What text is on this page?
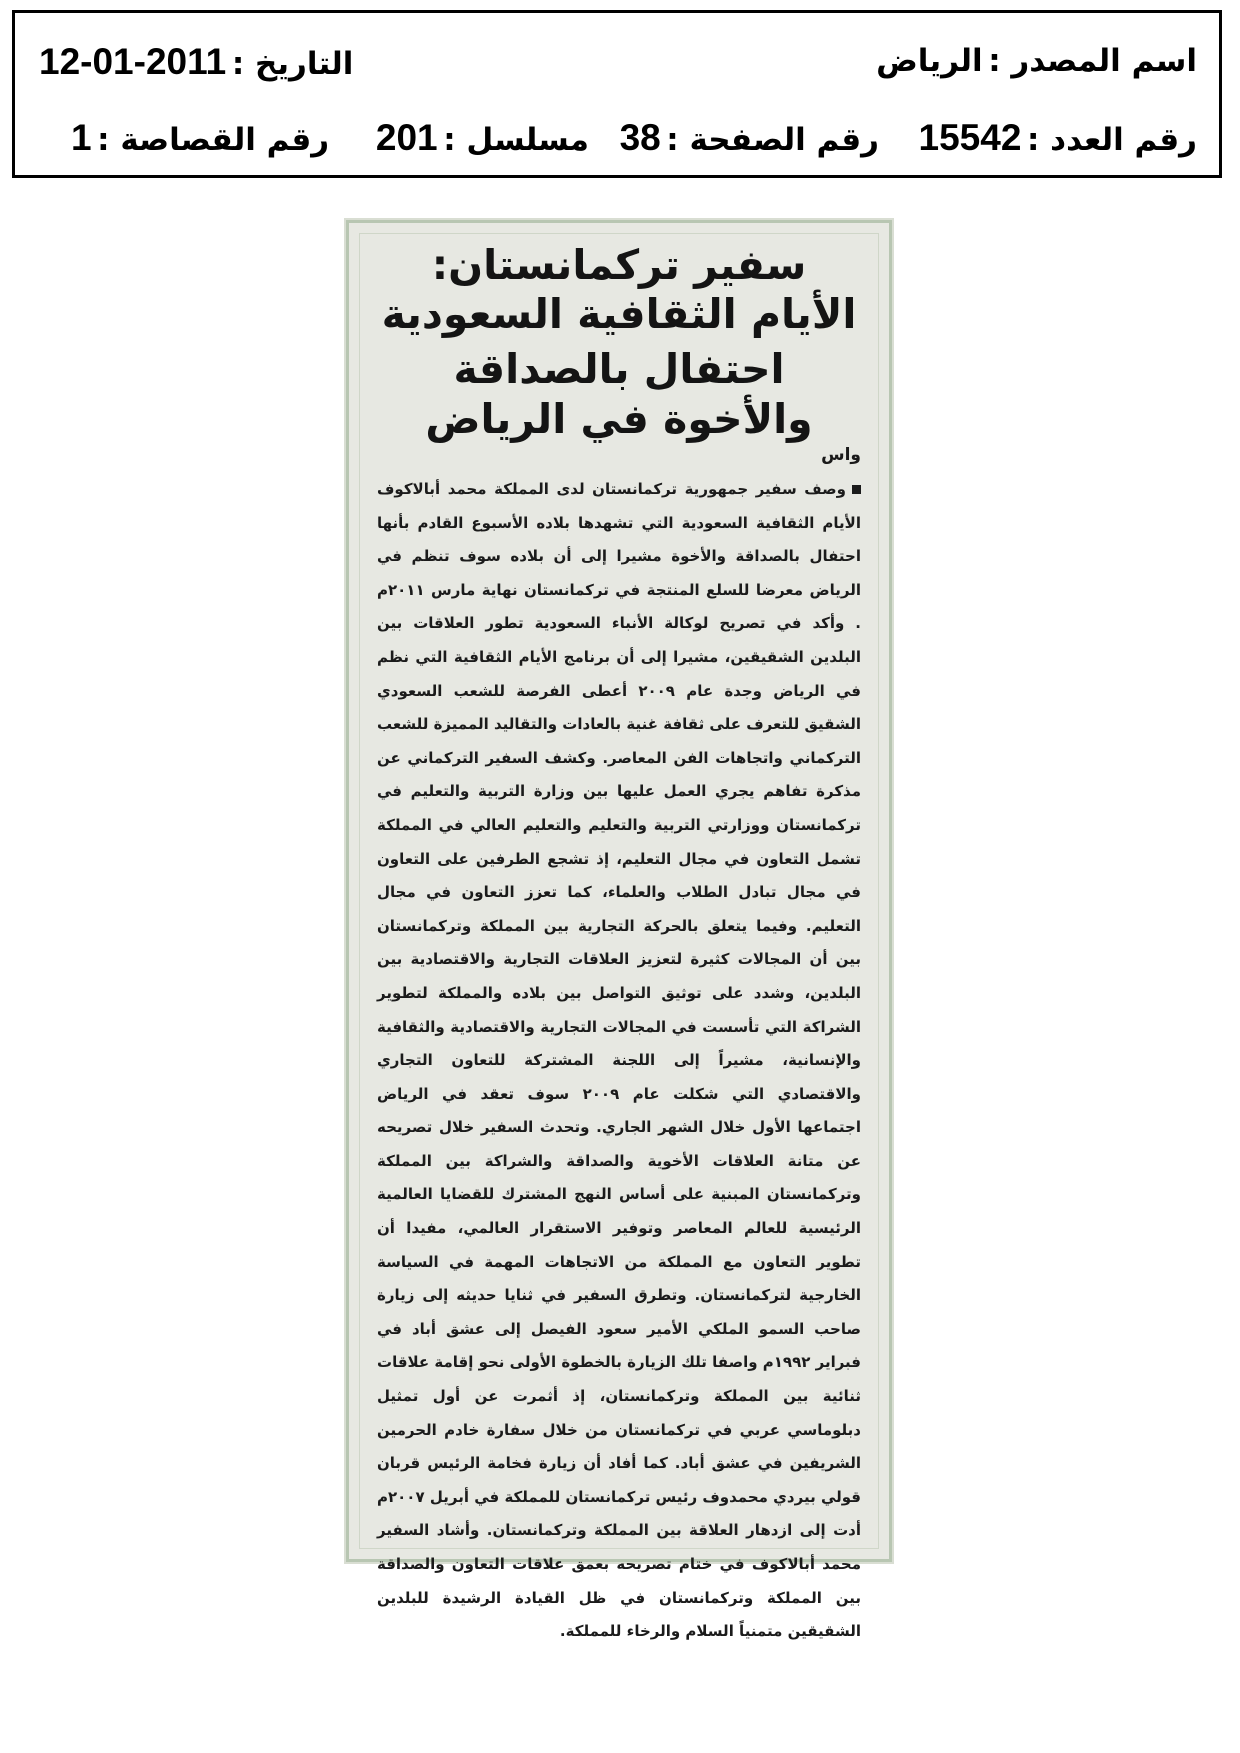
اسم المصدر : الرياض
التاريخ : 2011-01-12
رقم العدد : 15542
رقم الصفحة : 38
مسلسل : 201
رقم القصاصة : 1
سفير تركمانستان: الأيام الثقافية السعودية
احتفال بالصداقة والأخوة في الرياض
واس
وصف سفير جمهورية تركمانستان لدى المملكة محمد أبالاكوف الأيام الثقافية السعودية التي تشهدها بلاده الأسبوع القادم بأنها احتفال بالصداقة والأخوة مشيرا إلى أن بلاده سوف تنظم في الرياض معرضا للسلع المنتجة في تركمانستان نهاية مارس ٢٠١١م . وأكد في تصريح لوكالة الأنباء السعودية تطور العلاقات بين البلدين الشقيقين، مشيرا إلى أن برنامج الأيام الثقافية التي نظم في الرياض وجدة عام ٢٠٠٩ أعطى الفرصة للشعب السعودي الشقيق للتعرف على ثقافة غنية بالعادات والتقاليد المميزة للشعب التركماني واتجاهات الفن المعاصر. وكشف السفير التركماني عن مذكرة تفاهم يجري العمل عليها بين وزارة التربية والتعليم في تركمانستان ووزارتي التربية والتعليم والتعليم العالي في المملكة تشمل التعاون في مجال التعليم، إذ تشجع الطرفين على التعاون في مجال تبادل الطلاب والعلماء، كما تعزز التعاون في مجال التعليم. وفيما يتعلق بالحركة التجارية بين المملكة وتركمانستان بين أن المجالات كثيرة لتعزيز العلاقات التجارية والاقتصادية بين البلدين، وشدد على توثيق التواصل بين بلاده والمملكة لتطوير الشراكة التي تأسست في المجالات التجارية والاقتصادية والثقافية والإنسانية، مشيراً إلى اللجنة المشتركة للتعاون التجاري والاقتصادي التي شكلت عام ٢٠٠٩ سوف تعقد في الرياض اجتماعها الأول خلال الشهر الجاري. وتحدث السفير خلال تصريحه عن متانة العلاقات الأخوية والصداقة والشراكة بين المملكة وتركمانستان المبنية على أساس النهج المشترك للقضايا العالمية الرئيسية للعالم المعاصر وتوفير الاستقرار العالمي، مفيدا أن تطوير التعاون مع المملكة من الاتجاهات المهمة في السياسة الخارجية لتركمانستان. وتطرق السفير في ثنايا حديثه إلى زيارة صاحب السمو الملكي الأمير سعود الفيصل إلى عشق أباد في فبراير ١٩٩٢م واصفا تلك الزيارة بالخطوة الأولى نحو إقامة علاقات ثنائية بين المملكة وتركمانستان، إذ أثمرت عن أول تمثيل دبلوماسي عربي في تركمانستان من خلال سفارة خادم الحرمين الشريفين في عشق أباد. كما أفاد أن زيارة فخامة الرئيس قربان قولي بيردي محمدوف رئيس تركمانستان للمملكة في أبريل ٢٠٠٧م أدت إلى ازدهار العلاقة بين المملكة وتركمانستان. وأشاد السفير محمد أبالاكوف في ختام تصريحه بعمق علاقات التعاون والصداقة بين المملكة وتركمانستان في ظل القيادة الرشيدة للبلدين الشقيقين متمنياً السلام والرخاء للمملكة.
